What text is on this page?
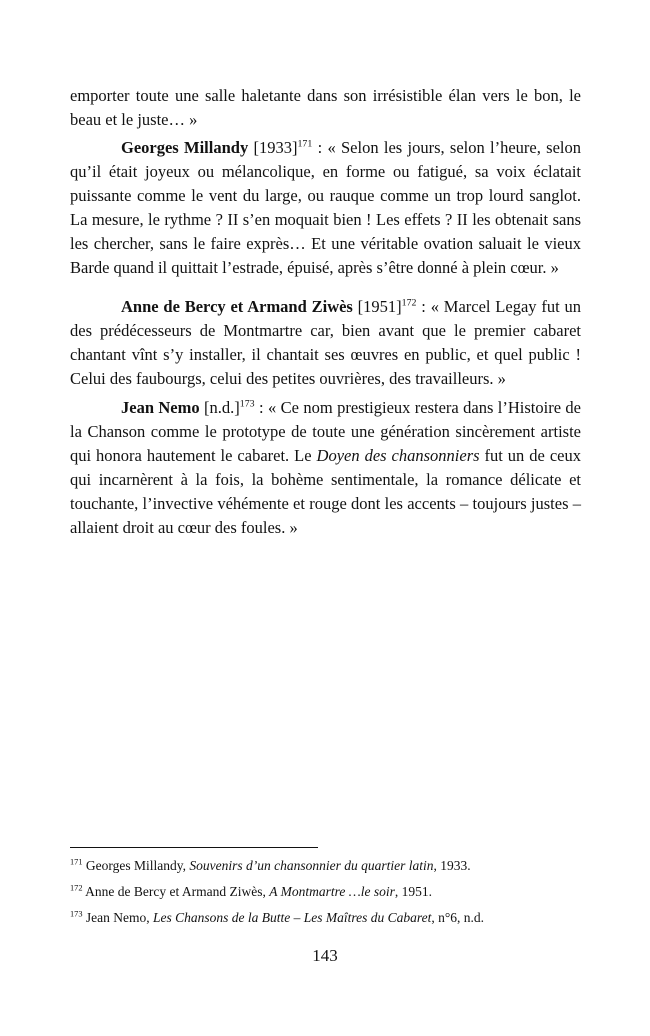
emporter toute une salle haletante dans son irrésistible élan vers le bon, le beau et le juste… »

Georges Millandy $[1933]^{171}$ : « Selon les jours, selon l’heure, selon qu’il était joyeux ou mélancolique, en forme ou fatigué, sa voix éclatait puissante comme le vent du large, ou rauque comme un trop lourd sanglot. La mesure, le rythme ? II s’en moquait bien ! Les effets ? II les obtenait sans les chercher, sans le faire exprès… Et une véritable ovation saluait le vieux Barde quand il quittait l’estrade, épuisé, après s’être donné à plein cœur. »

Anne de Bercy et Armand Ziwès $[1951]^{172}$ : « Marcel Legay fut un des prédécesseurs de Montmartre car, bien avant que le premier cabaret chantant vînt s’y installer, il chantait ses œuvres en public, et quel public ! Celui des faubourgs, celui des petites ouvrières, des travailleurs. »

Jean Nemo $[n.d.]^{173}$ : « Ce nom prestigieux restera dans l’Histoire de la Chanson comme le prototype de toute une génération sincèrement artiste qui honora hautement le cabaret. Le Doyen des chansonniers fut un de ceux qui incarnèrent à la fois, la bohème sentimentale, la romance délicate et touchante, l’invective véhémente et rouge dont les accents – toujours justes – allaient droit au cœur des foules. »

$^{171}$ Georges Millandy, Souvenirs d’un chansonnier du quartier latin, 1933.
$^{172}$ Anne de Bercy et Armand Ziwès, A Montmartre …le soir, 1951.
$^{173}$ Jean Nemo, Les Chansons de la Butte – Les Maîtres du Cabaret, n°6, n.d.
143
